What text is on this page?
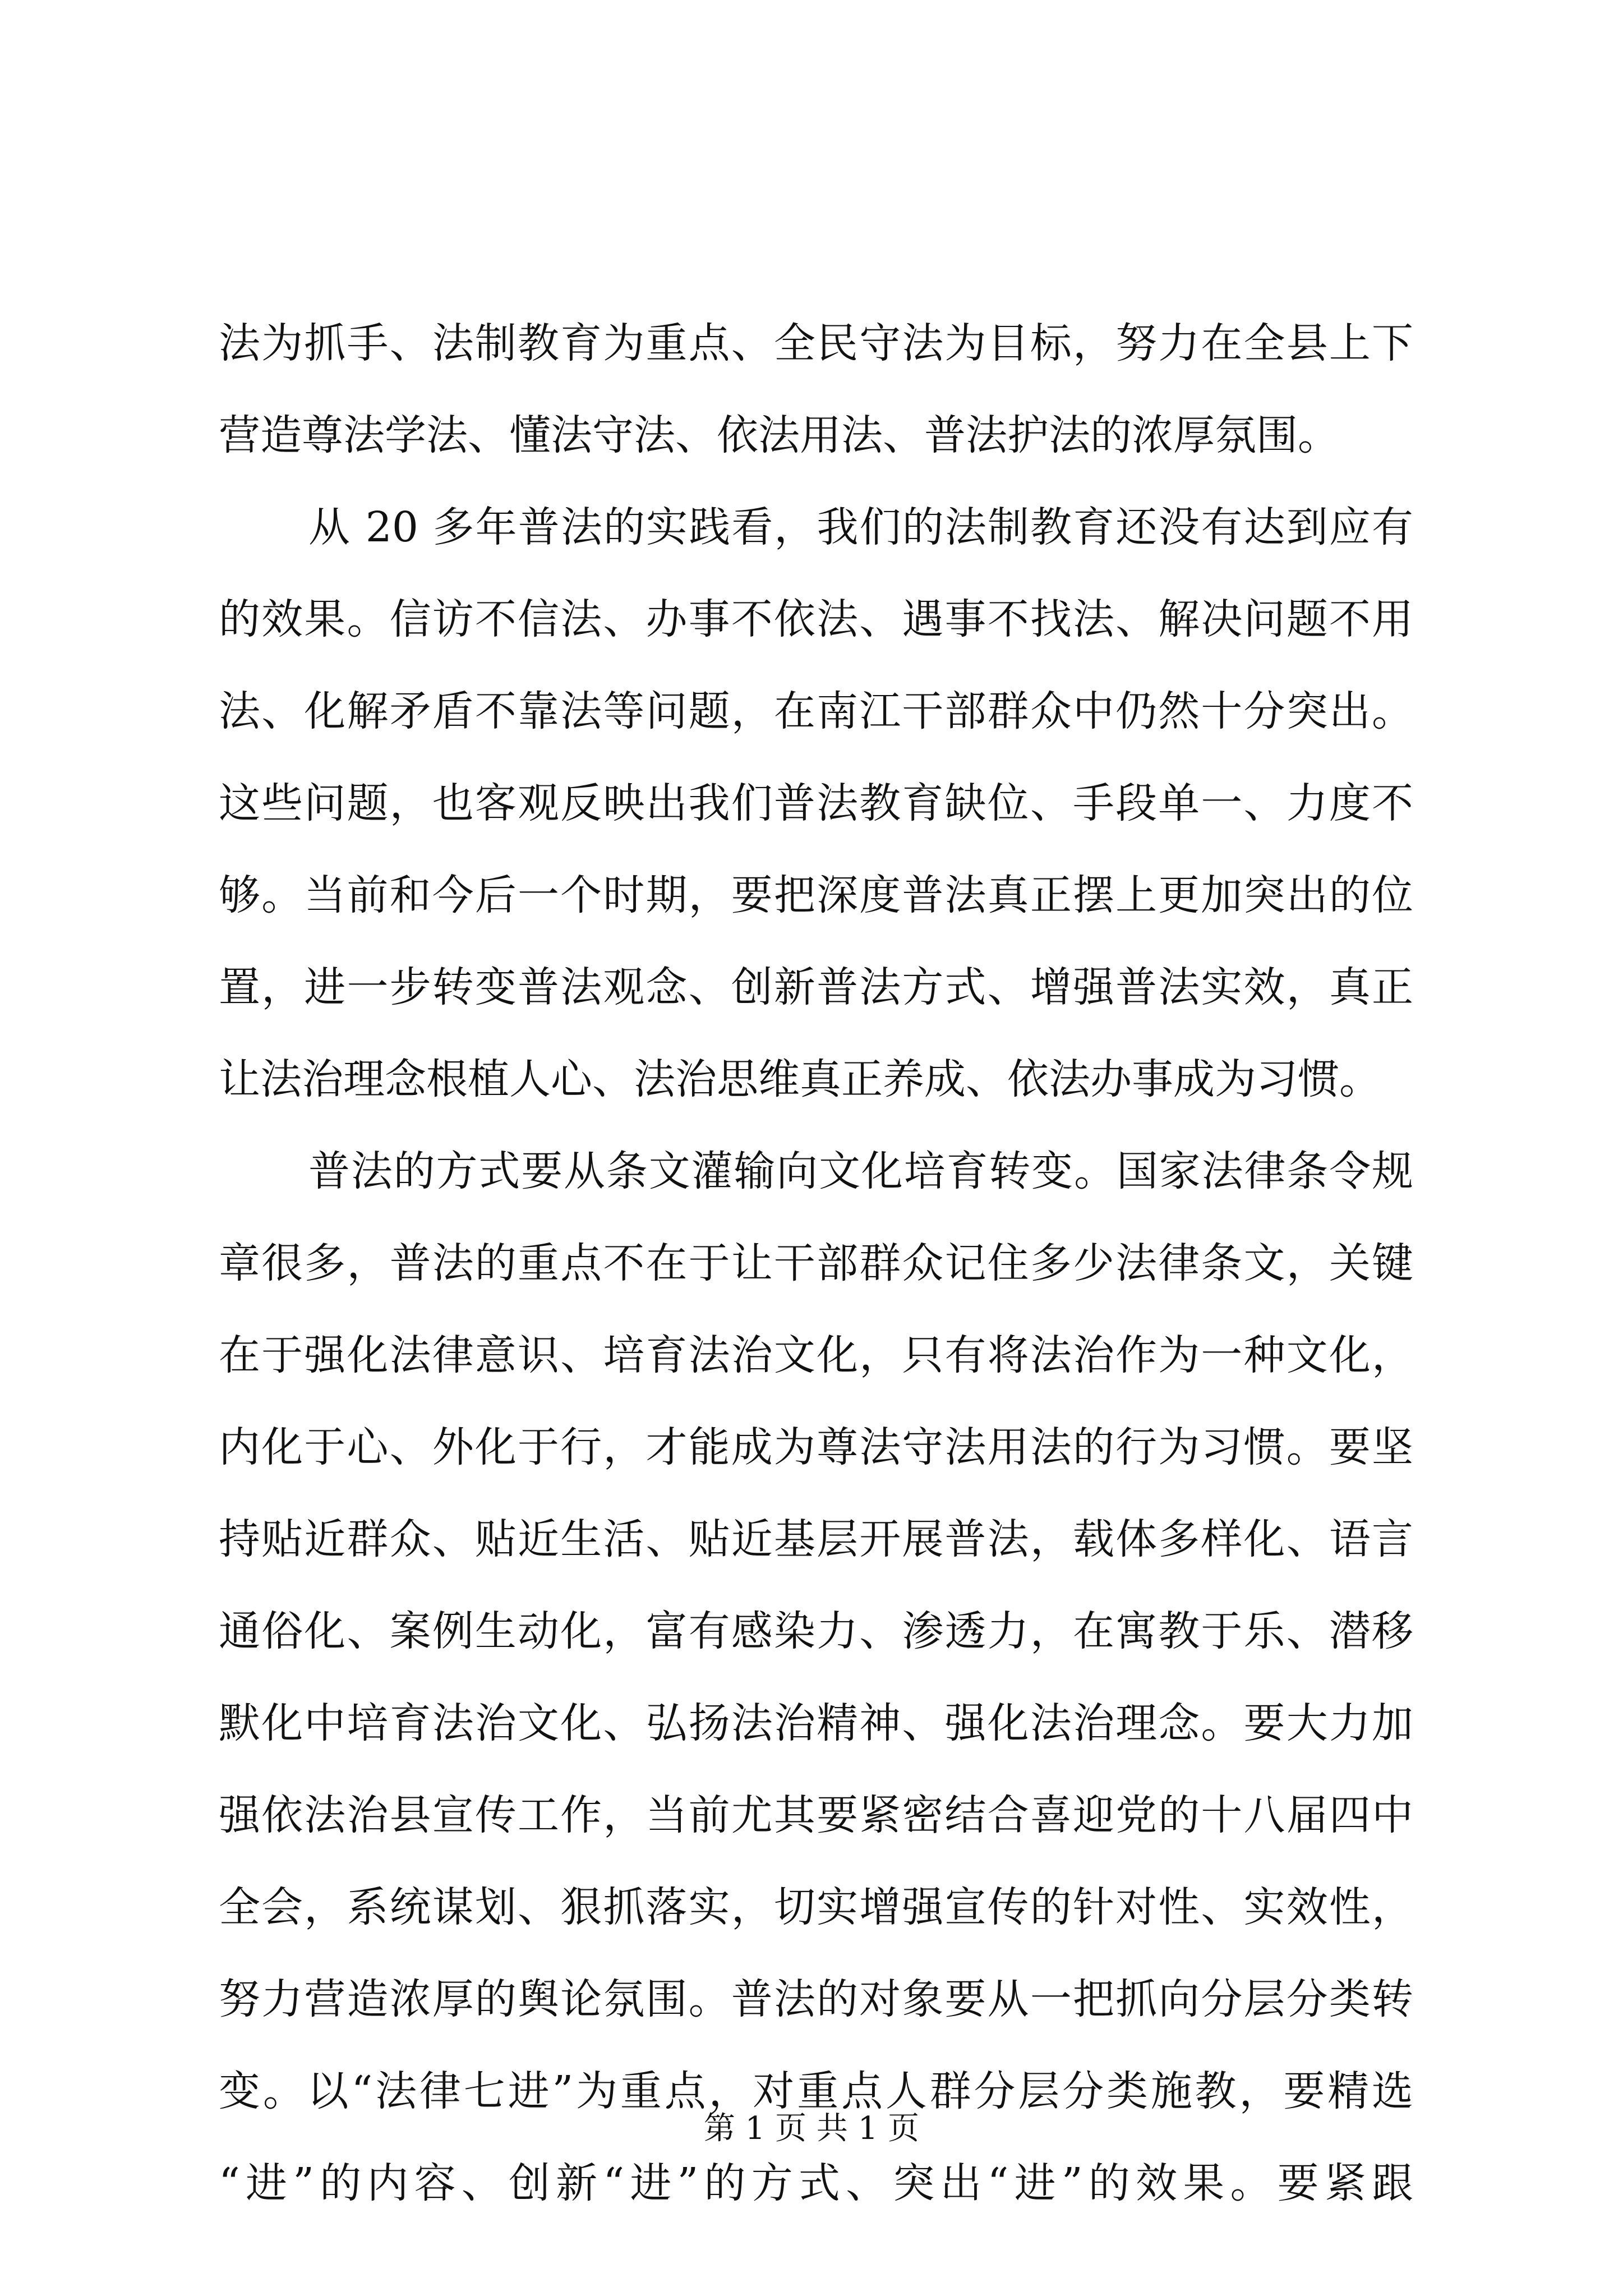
法为抓手、法制教育为重点、全民守法为目标，努力在全县上下
营造尊法学法、懂法守法、依法用法、普法护法的浓厚氛围。
从 20 多年普法的实践看，我们的法制教育还没有达到应有
的效果。信访不信法、办事不依法、遇事不找法、解决问题不用
法、化解矛盾不靠法等问题，在南江干部群众中仍然十分突出。
这些问题，也客观反映出我们普法教育缺位、手段单一、力度不
够。当前和今后一个时期，要把深度普法真正摆上更加突出的位
置，进一步转变普法观念、创新普法方式、增强普法实效，真正
让法治理念根植人心、法治思维真正养成、依法办事成为习惯。
普法的方式要从条文灌输向文化培育转变。国家法律条令规
章很多，普法的重点不在于让干部群众记住多少法律条文，关键
在于强化法律意识、培育法治文化，只有将法治作为一种文化，
内化于心、外化于行，才能成为尊法守法用法的行为习惯。要坚
持贴近群众、贴近生活、贴近基层开展普法，载体多样化、语言
通俗化、案例生动化，富有感染力、渗透力，在寓教于乐、潜移
默化中培育法治文化、弘扬法治精神、强化法治理念。要大力加
强依法治县宣传工作，当前尤其要紧密结合喜迎党的十八届四中
全会，系统谋划、狠抓落实，切实增强宣传的针对性、实效性，
努力营造浓厚的舆论氛围。普法的对象要从一把抓向分层分类转
变。以“法律七进”为重点，对重点人群分层分类施教，要精选
“进”的内容、创新“进”的方式、突出“进”的效果。要紧跟
第 1 页 共 1 页
